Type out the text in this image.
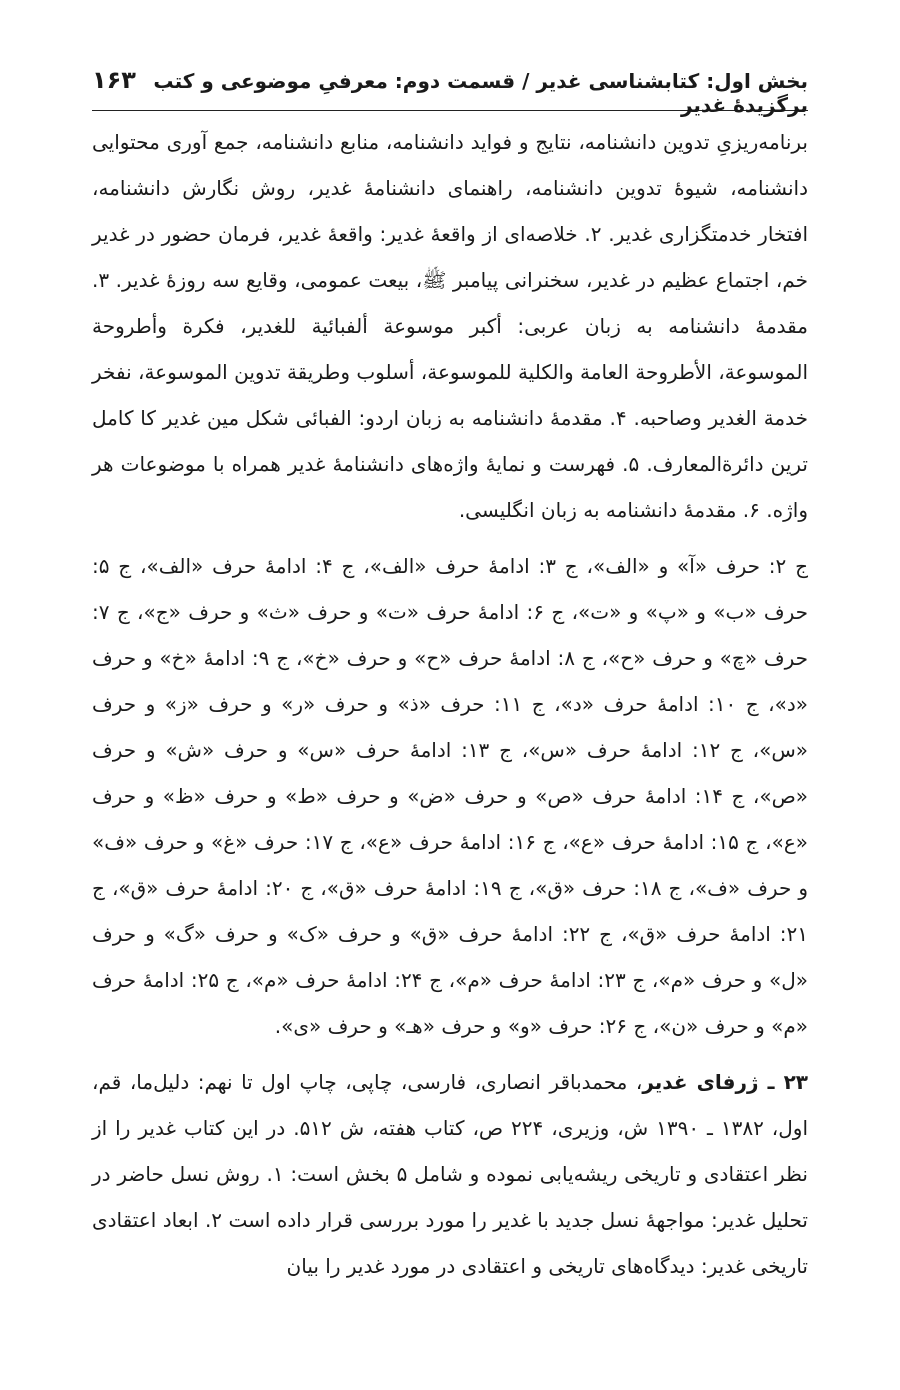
بخش اول: کتابشناسی غدیر / قسمت دوم: معرفیِ موضوعی و کتب برگزیدهٔ غدیر
۱۶۳

برنامه‌ریزیِ تدوین دانشنامه، نتایج و فواید دانشنامه، منابع دانشنامه، جمع آوری محتوایی دانشنامه، شیوهٔ تدوین دانشنامه، راهنمای دانشنامهٔ غدیر، روش نگارش دانشنامه، افتخار خدمتگزاری غدیر. ۲. خلاصه‌ای از واقعهٔ غدیر: واقعهٔ غدیر، فرمان حضور در غدیر خم، اجتماع عظیم در غدیر، سخنرانی پیامبر ﷺ، بیعت عمومی، وقایع سه روزهٔ غدیر. ۳. مقدمهٔ دانشنامه به زبان عربی: أکبر موسوعة ألفبائیة للغدیر، فکرة وأطروحة الموسوعة، الأطروحة العامة والکلیة للموسوعة، أسلوب وطریقة تدوین الموسوعة، نفخر خدمة الغدیر وصاحبه. ۴. مقدمهٔ دانشنامه به زبان اردو: الفبائی شکل مین غدیر کا کامل ترین دائرةالمعارف. ۵. فهرست و نمایهٔ واژه‌های دانشنامهٔ غدیر همراه با موضوعات هر واژه. ۶. مقدمهٔ دانشنامه به زبان انگلیسی.

ج ۲: حرف «آ» و «الف»، ج ۳: ادامهٔ حرف «الف»، ج ۴: ادامهٔ حرف «الف»، ج ۵: حرف «ب» و «پ» و «ت»، ج ۶: ادامهٔ حرف «ت» و حرف «ث» و حرف «ج»، ج ۷: حرف «چ» و حرف «ح»، ج ۸: ادامهٔ حرف «ح» و حرف «خ»، ج ۹: ادامهٔ «خ» و حرف «د»، ج ۱۰: ادامهٔ حرف «د»، ج ۱۱: حرف «ذ» و حرف «ر» و حرف «ز» و حرف «س»، ج ۱۲: ادامهٔ حرف «س»، ج ۱۳: ادامهٔ حرف «س» و حرف «ش» و حرف «ص»، ج ۱۴: ادامهٔ حرف «ص» و حرف «ض» و حرف «ط» و حرف «ظ» و حرف «ع»، ج ۱۵: ادامهٔ حرف «ع»، ج ۱۶: ادامهٔ حرف «ع»، ج ۱۷: حرف «غ» و حرف «ف» و حرف «ف»، ج ۱۸: حرف «ق»، ج ۱۹: ادامهٔ حرف «ق»، ج ۲۰: ادامهٔ حرف «ق»، ج ۲۱: ادامهٔ حرف «ق»، ج ۲۲: ادامهٔ حرف «ق» و حرف «ک» و حرف «گ» و حرف «ل» و حرف «م»، ج ۲۳: ادامهٔ حرف «م»، ج ۲۴: ادامهٔ حرف «م»، ج ۲۵: ادامهٔ حرف «م» و حرف «ن»، ج ۲۶: حرف «و» و حرف «هـ» و حرف «ی».

۲۳ ـ ژرفای غدیر، محمدباقر انصاری، فارسی، چاپی، چاپ اول تا نهم: دلیل‌ما، قم، اول، ۱۳۸۲ ـ ۱۳۹۰ ش، وزیری، ۲۲۴ ص، کتاب هفته، ش ۵۱۲. در این کتاب غدیر را از نظر اعتقادی و تاریخی ریشه‌یابی نموده و شامل ۵ بخش است: ۱. روش نسل حاضر در تحلیل غدیر: مواجههٔ نسل جدید با غدیر را مورد بررسی قرار داده است ۲. ابعاد اعتقادی تاریخی غدیر: دیدگاه‌های تاریخی و اعتقادی در مورد غدیر را بیان
